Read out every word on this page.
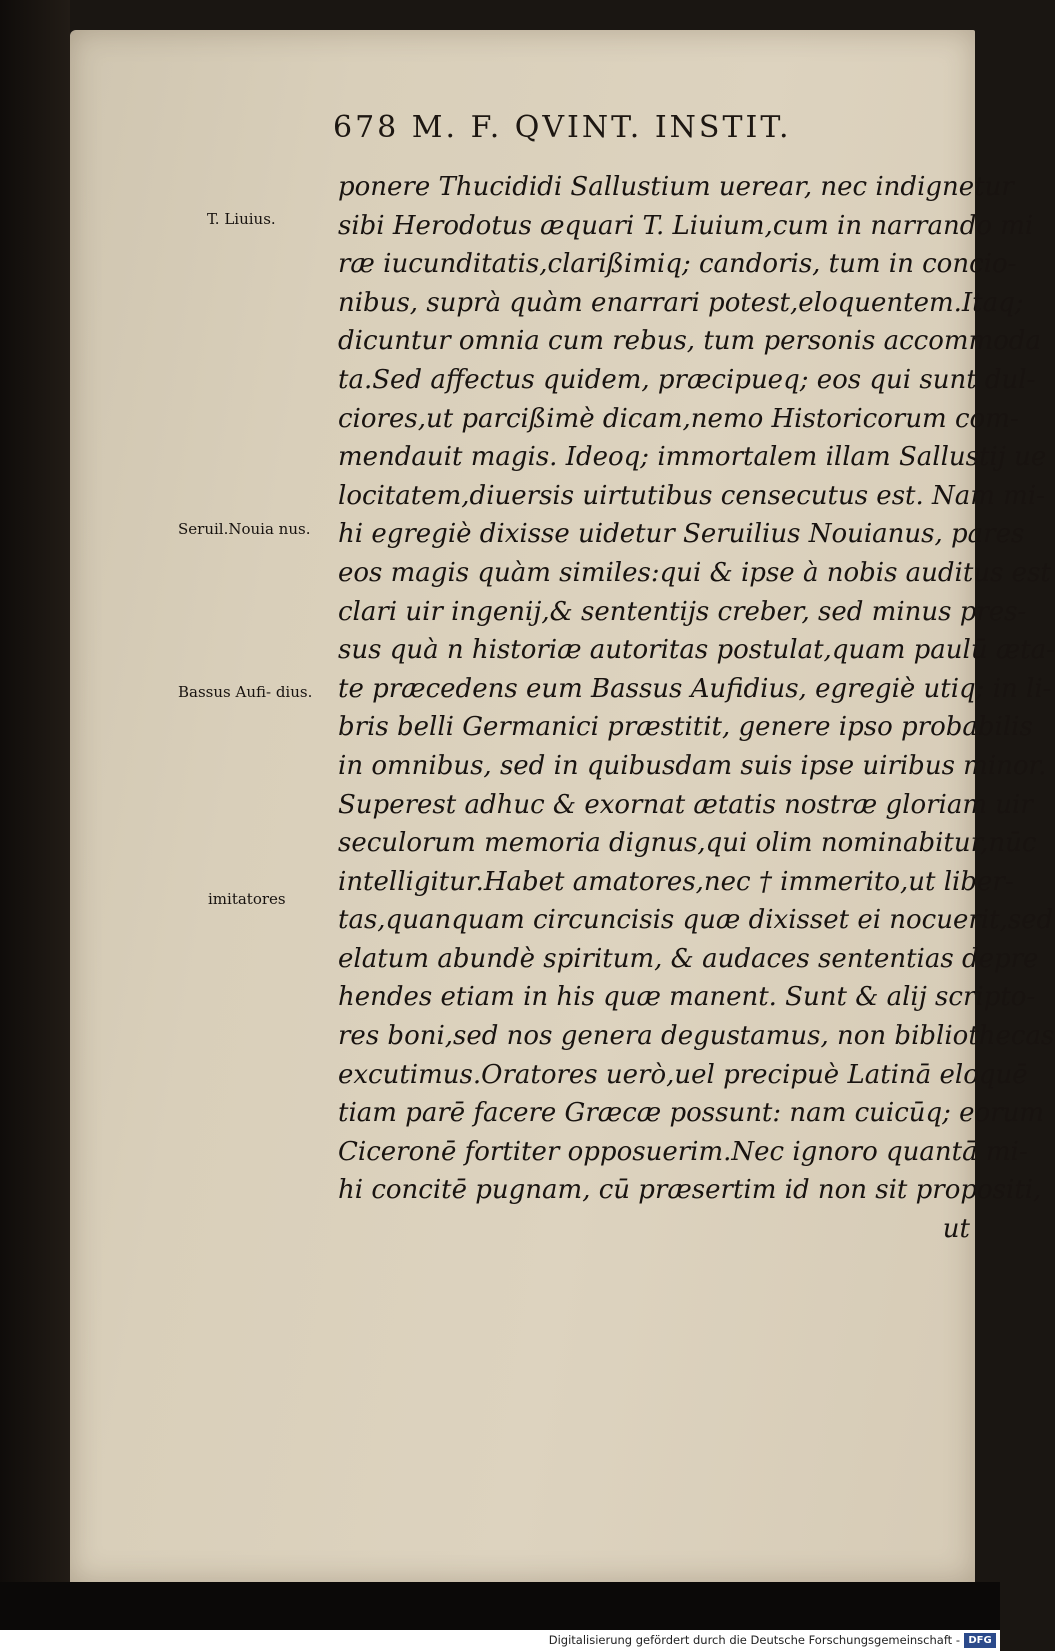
678 M. F. QVINT. INSTIT.
ponere Thucididi Sallustium uerear, nec indignetur
sibi Herodotus æquari T. Liuium,cum in narrando mi
ræ iucunditatis,clarißimiq; candoris, tum in concio-
nibus, suprà quàm enarrari potest,eloquentem.Itaq;
dicuntur omnia cum rebus, tum personis accommoda
ta.Sed affectus quidem, præcipueq; eos qui sunt dul-
ciores,ut parcißimè dicam,nemo Historicorum com-
mendauit magis. Ideoq; immortalem illam Sallustij ue
locitatem,diuersis uirtutibus censecutus est. Nam mi-
hi egregiè dixisse uidetur Seruilius Nouianus, pares
eos magis quàm similes:qui & ipse à nobis auditus est
clari uir ingenij,& sententijs creber, sed minus pres-
sus quà n historiæ autoritas postulat,quam paulū æta-
te præcedens eum Bassus Aufidius, egregiè utiq; in li-
bris belli Germanici præstitit, genere ipso probabilis
in omnibus, sed in quibusdam suis ipse uiribus minor.
Superest adhuc & exornat ætatis nostræ gloriam uir
seculorum memoria dignus,qui olim nominabitur,nūc
intelligitur.Habet amatores,nec † immerito,ut liber-
tas,quanquam circuncisis quæ dixisset ei nocuerit,sed
elatum abundè spiritum, & audaces sententias depre
hendes etiam in his quæ manent. Sunt & alij scripto-
res boni,sed nos genera degustamus, non bibliothecas
excutimus.Oratores uerò,uel precipuè Latinā eloquē
tiam parē facere Græcæ possunt: nam cuicūq; eorum
Ciceronē fortiter opposuerim.Nec ignoro quantā mi-
hi concitē pugnam, cū præsertim id non sit propositi,
ut
T. Liuius.
Seruil.Nouia nus.
Bassus Aufi- dius.
imitatores
Digitalisierung gefördert durch die Deutsche Forschungsgemeinschaft - DFG
